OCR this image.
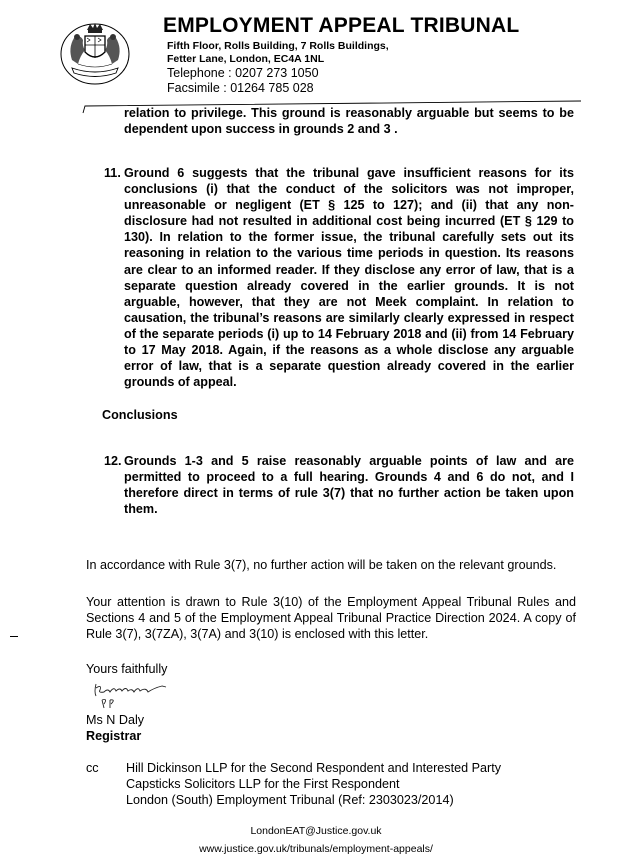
EMPLOYMENT APPEAL TRIBUNAL
Fifth Floor, Rolls Building, 7 Rolls Buildings,
Fetter Lane, London, EC4A 1NL
Telephone : 0207 273 1050
Facsimile : 01264 785 028
relation to privilege. This ground is reasonably arguable but seems to be dependent upon success in grounds 2 and 3 .
11. Ground 6 suggests that the tribunal gave insufficient reasons for its conclusions (i) that the conduct of the solicitors was not improper, unreasonable or negligent (ET § 125 to 127); and (ii) that any non-disclosure had not resulted in additional cost being incurred (ET § 129 to 130). In relation to the former issue, the tribunal carefully sets out its reasoning in relation to the various time periods in question. Its reasons are clear to an informed reader. If they disclose any error of law, that is a separate question already covered in the earlier grounds. It is not arguable, however, that they are not Meek complaint. In relation to causation, the tribunal’s reasons are similarly clearly expressed in respect of the separate periods (i) up to 14 February 2018 and (ii) from 14 February to 17 May 2018. Again, if the reasons as a whole disclose any arguable error of law, that is a separate question already covered in the earlier grounds of appeal.
Conclusions
12. Grounds 1-3 and 5 raise reasonably arguable points of law and are permitted to proceed to a full hearing. Grounds 4 and 6 do not, and I therefore direct in terms of rule 3(7) that no further action be taken upon them.
In accordance with Rule 3(7), no further action will be taken on the relevant grounds.
Your attention is drawn to Rule 3(10) of the Employment Appeal Tribunal Rules and Sections 4 and 5 of the Employment Appeal Tribunal Practice Direction 2024. A copy of Rule 3(7), 3(7ZA), 3(7A) and 3(10) is enclosed with this letter.
Yours faithfully
Ms N Daly
Registrar
cc Hill Dickinson LLP for the Second Respondent and Interested Party
Capsticks Solicitors LLP for the First Respondent
London (South) Employment Tribunal (Ref: 2303023/2014)
LondonEAT@Justice.gov.uk
www.justice.gov.uk/tribunals/employment-appeals/
